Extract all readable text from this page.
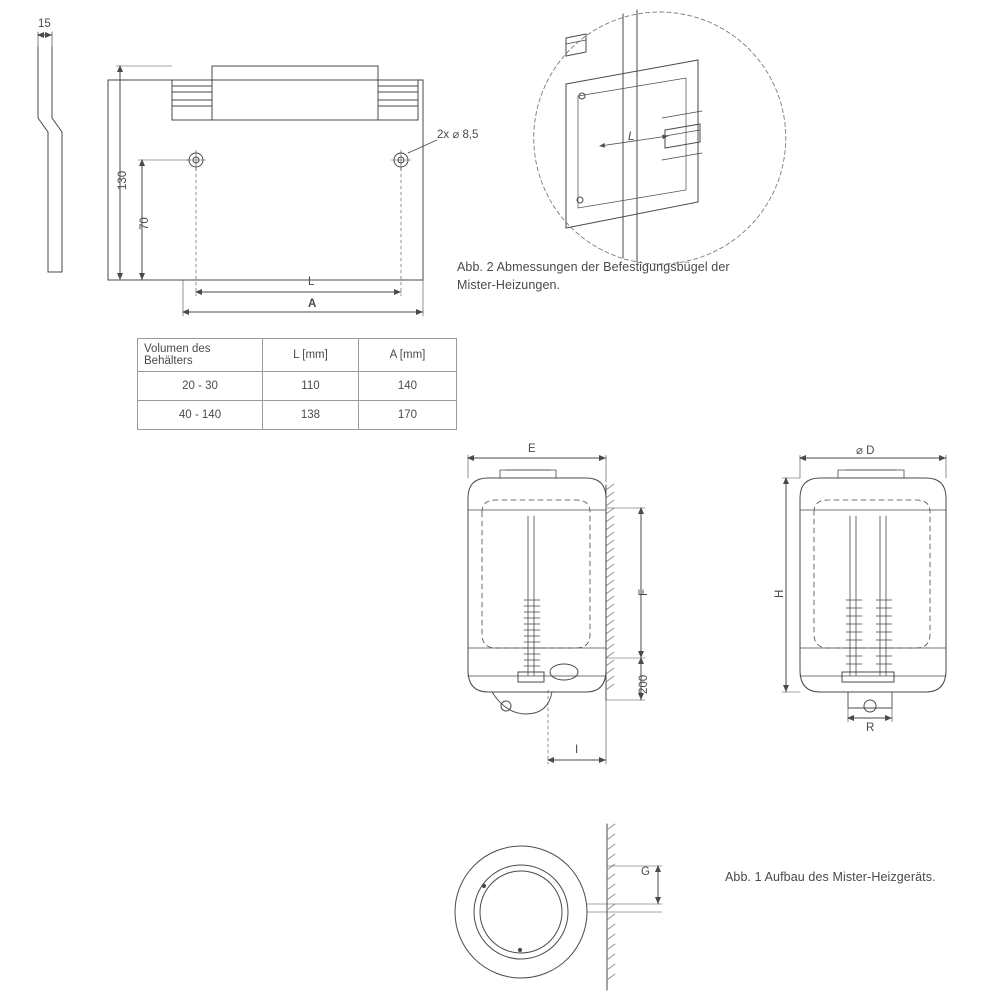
15
130
70
L
A
2x ⌀ 8,5	L
Volumen des
Behälters	L [mm]	A [mm]
20 - 30	110	140
40 - 140	138	170
Abb. 2 Abmessungen der Befestigungsbügel der
Mister-Heizungen.
E
F
200
I
⌀ D
H
R
G	Abb. 1 Aufbau des Mister-Heizgeräts.
